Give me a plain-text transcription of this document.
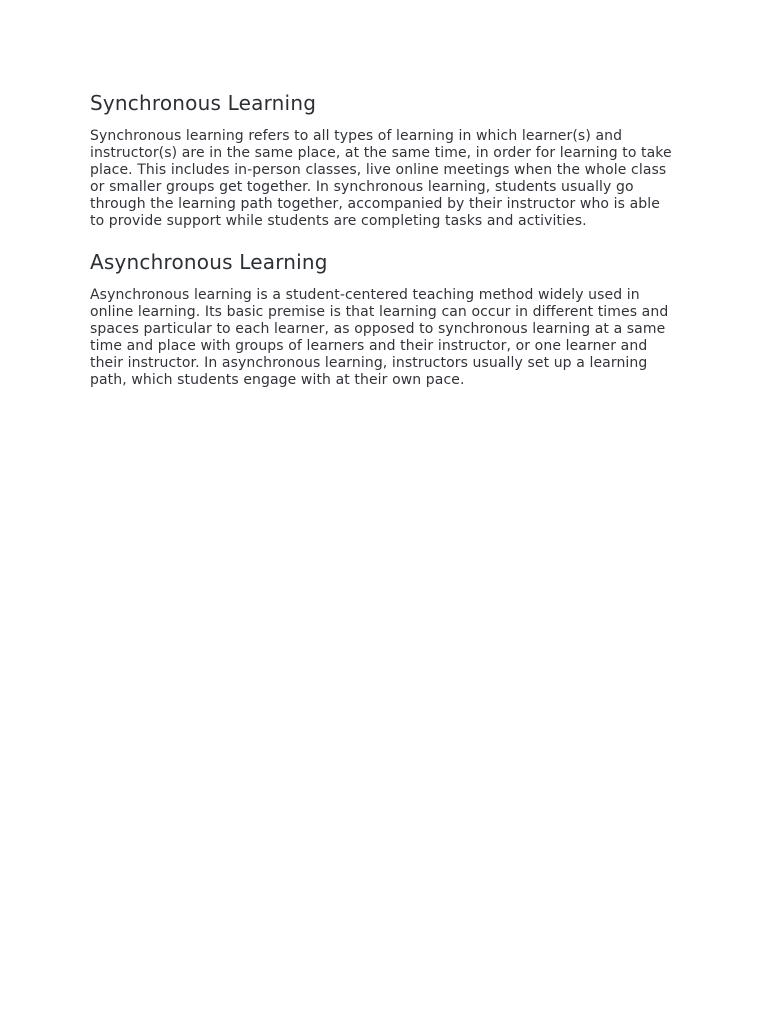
Synchronous Learning

Synchronous learning refers to all types of learning in which learner(s) and instructor(s) are in the same place, at the same time, in order for learning to take place. This includes in-person classes, live online meetings when the whole class or smaller groups get together. In synchronous learning, students usually go through the learning path together, accompanied by their instructor who is able to provide support while students are completing tasks and activities.

Asynchronous Learning

Asynchronous learning is a student-centered teaching method widely used in online learning. Its basic premise is that learning can occur in different times and spaces particular to each learner, as opposed to synchronous learning at a same time and place with groups of learners and their instructor, or one learner and their instructor. In asynchronous learning, instructors usually set up a learning path, which students engage with at their own pace.
